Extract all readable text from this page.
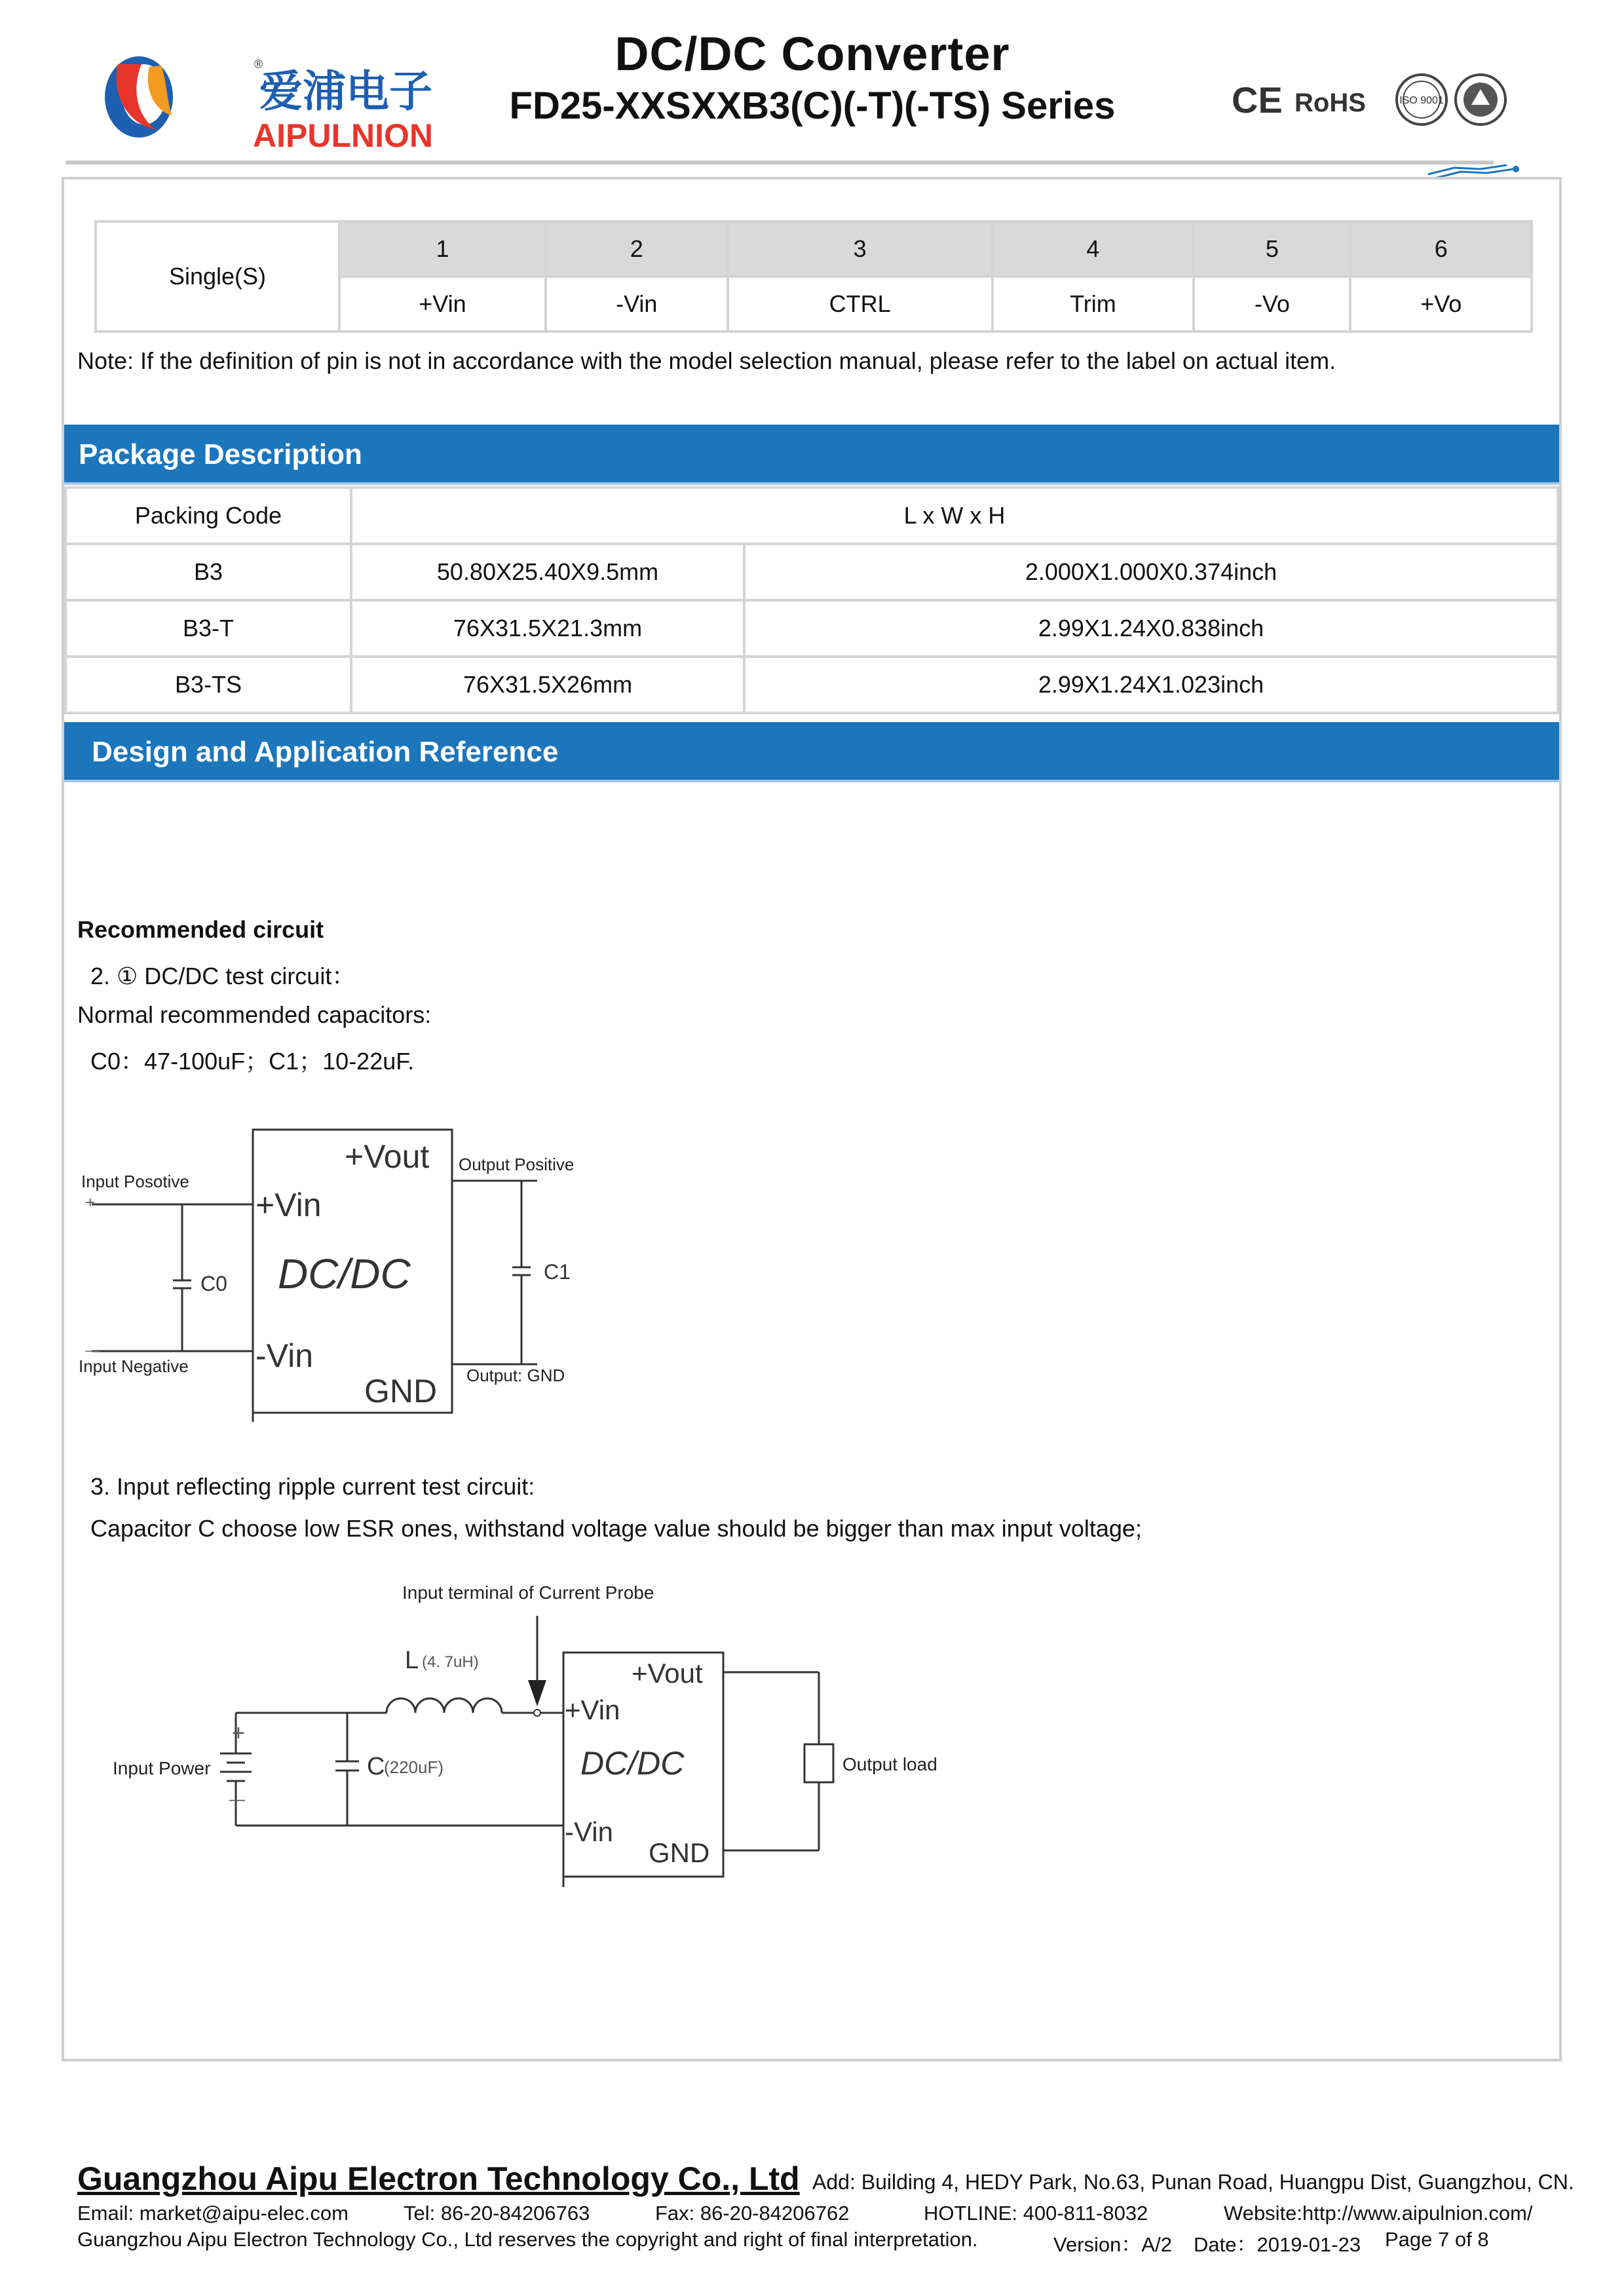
®
爱浦电子
AIPULNION
DC/DC Converter
FD25-XXSXXB3(C)(-T)(-TS) Series	CE RoHS	ISO 9001
Single(S)	1	2	3	4	5	6
	+Vin	-Vin	CTRL	Trim	-Vo	+Vo
Note: If the definition of pin is not in accordance with the model selection manual, please refer to the label on actual item.
Package Description
Packing Code	L x W x H	
B3	50.80X25.40X9.5mm	2.000X1.000X0.374inch
B3-T	76X31.5X21.3mm	2.99X1.24X0.838inch
B3-TS	76X31.5X26mm	2.99X1.24X1.023inch
Design and Application Reference
Recommended circuit
2. ① DC/DC test circuit：
Normal recommended capacitors:
C0：47-100uF；C1；10-22uF.
Input Posotive
+
—
Input Negative
C0
+Vout
+Vin
DC/DC
-Vin
GND
Output Positive
C1
Output: GND
3. Input reflecting ripple current test circuit:
Capacitor C choose low ESR ones, withstand voltage value should be bigger than max input voltage;
Input terminal of Current Probe
L (4. 7uH)
C
(220uF)
Input Power
+
—
+Vout
+Vin
DC/DC
-Vin
GND
Output load
Guangzhou Aipu Electron Technology Co., Ltd Add: Building 4, HEDY Park, No.63, Punan Road, Huangpu Dist, Guangzhou, CN.
Email: market@aipu-elec.com	Tel: 86-20-84206763	Fax: 86-20-84206762	HOTLINE: 400-811-8032	Website:http://www.aipulnion.com/
Guangzhou Aipu Electron Technology Co., Ltd reserves the copyright and right of final interpretation.	Version：A/2 Date：2019-01-23 Page 7 of 8
